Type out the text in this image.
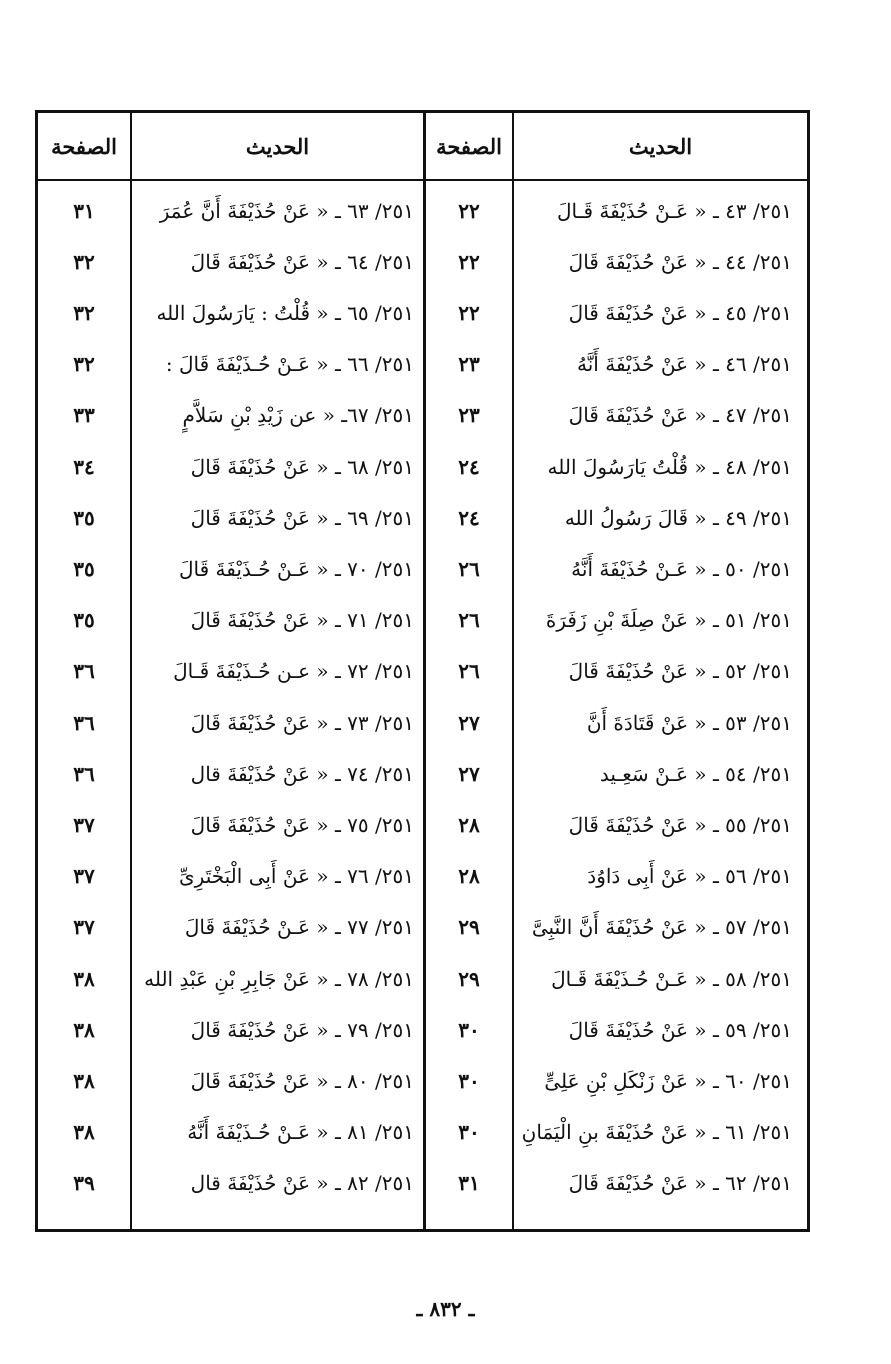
الحديث
الصفحة
الحديث
الصفحة
٢٥١/ ٤٣ ـ « عَـنْ حُذَيْفَةَ قَـالَ
٢٢
٢٥١/ ٤٤ ـ « عَنْ حُذَيْفَةَ قَالَ
٢٢
٢٥١/ ٤٥ ـ « عَنْ حُذَيْفَةَ قَالَ
٢٢
٢٥١/ ٤٦ ـ « عَنْ حُذَيْفَةَ أَنَّهُ
٢٣
٢٥١/ ٤٧ ـ « عَنْ حُذَيْفَةَ قَالَ
٢٣
٢٥١/ ٤٨ ـ « قُلْتُ يَارَسُولَ الله
٢٤
٢٥١/ ٤٩ ـ « قَالَ رَسُولُ الله
٢٤
٢٥١/ ٥٠ ـ « عَـنْ حُذَيْفَةَ أَنَّهُ
٢٦
٢٥١/ ٥١ ـ « عَنْ صِلَةَ بْنِ زَفَرَةَ
٢٦
٢٥١/ ٥٢ ـ « عَنْ حُذَيْفَةَ قَالَ
٢٦
٢٥١/ ٥٣ ـ « عَنْ قَتَادَةَ أَنَّ
٢٧
٢٥١/ ٥٤ ـ « عَـنْ سَعِـيد
٢٧
٢٥١/ ٥٥ ـ « عَنْ حُذَيْفَةَ قَالَ
٢٨
٢٥١/ ٥٦ ـ « عَنْ أَبِى دَاوُدَ
٢٨
٢٥١/ ٥٧ ـ « عَنْ حُذَيْفَةَ أَنَّ النَّبِىَّ
٢٩
٢٥١/ ٥٨ ـ « عَـنْ حُـذَيْفَةَ قَـالَ
٢٩
٢٥١/ ٥٩ ـ « عَنْ حُذَيْفَةَ قَالَ
٣٠
٢٥١/ ٦٠ ـ « عَنْ زَنْكَلِ بْنِ عَلِىٍّ
٣٠
٢٥١/ ٦١ ـ « عَنْ حُذَيْفَةَ بنِ الْيَمَانِ
٣٠
٢٥١/ ٦٢ ـ « عَنْ حُذَيْفَةَ قَالَ
٣١
٢٥١/ ٦٣ ـ « عَنْ حُذَيْفَةَ أَنَّ عُمَرَ
٣١
٢٥١/ ٦٤ ـ « عَنْ حُذَيْفَةَ قَالَ
٣٢
٢٥١/ ٦٥ ـ « قُلْتُ : يَارَسُولَ الله
٣٢
٢٥١/ ٦٦ ـ « عَـنْ حُـذَيْفَةَ قَالَ :
٣٢
٢٥١/ ٦٧ـ « عن زَيْدِ بْنِ سَلاَّمٍ
٣٣
٢٥١/ ٦٨ ـ « عَنْ حُذَيْفَةَ قَالَ
٣٤
٢٥١/ ٦٩ ـ « عَنْ حُذَيْفَةَ قَالَ
٣٥
٢٥١/ ٧٠ ـ « عَـنْ حُـذَيْفَةَ قَالَ
٣٥
٢٥١/ ٧١ ـ « عَنْ حُذَيْفَةَ قَالَ
٣٥
٢٥١/ ٧٢ ـ « عـن حُـذَيْفَةَ قَـالَ
٣٦
٢٥١/ ٧٣ ـ « عَنْ حُذَيْفَةَ قَالَ
٣٦
٢٥١/ ٧٤ ـ « عَنْ حُذَيْفَةَ قال
٣٦
٢٥١/ ٧٥ ـ « عَنْ حُذَيْفَةَ قَالَ
٣٧
٢٥١/ ٧٦ ـ « عَنْ أَبِى الْبَخْتَرِىِّ
٣٧
٢٥١/ ٧٧ ـ « عَـنْ حُذَيْفَةَ قَالَ
٣٧
٢٥١/ ٧٨ ـ « عَنْ جَابِرِ بْنِ عَبْدِ الله
٣٨
٢٥١/ ٧٩ ـ « عَنْ حُذَيْفَةَ قَالَ
٣٨
٢٥١/ ٨٠ ـ « عَنْ حُذَيْفَةَ قَالَ
٣٨
٢٥١/ ٨١ ـ « عَـنْ حُـذَيْفَةَ أَنَّهُ
٣٨
٢٥١/ ٨٢ ـ « عَنْ حُذَيْفَةَ قال
٣٩
ـ ٨٣٢ ـ
